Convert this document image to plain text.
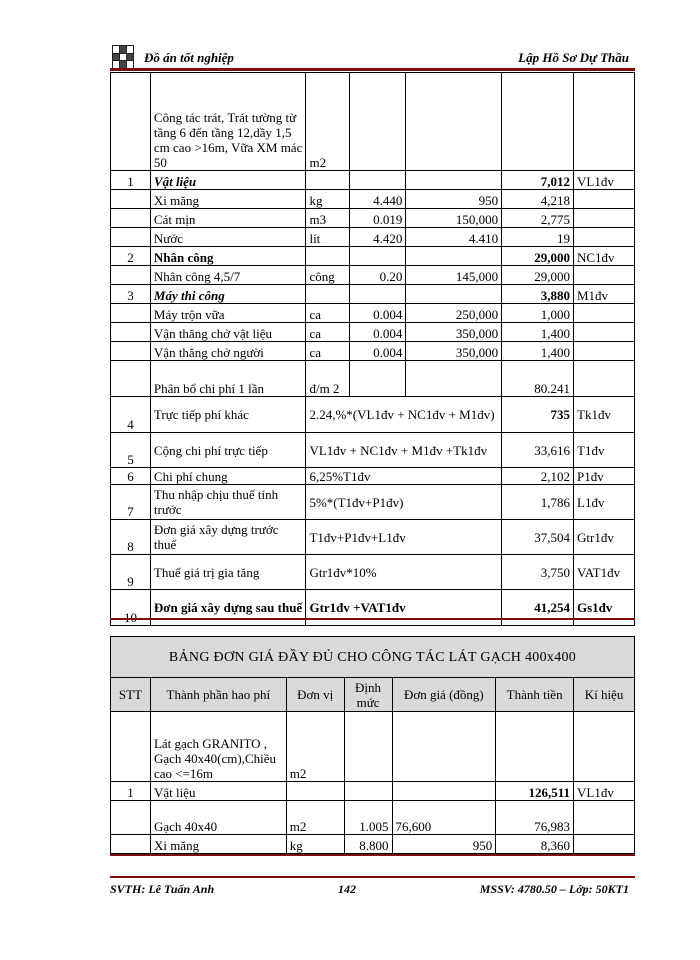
Đồ án tốt nghiệp	Lập Hồ Sơ Dự Thầu
	Công tác trát, Trát tường từ tầng 6 đến tầng 12,dầy 1,5 cm cao >16m, Vữa XM mác 50	m2				
1	Vật liệu				7,012	VL1đv
	Xi măng	kg	4.440	950	4,218	
	Cát mịn	m3	0.019	150,000	2,775	
	Nước	lít	4.420	4.410	19	
2	Nhân công				29,000	NC1đv
	Nhân công 4,5/7	công	0.20	145,000	29,000	
3	Máy thi công				3,880	M1đv
	Máy trộn vữa	ca	0.004	250,000	1,000	
	Vận thăng chở vật liệu	ca	0.004	350,000	1,400	
	Vận thăng chở người	ca	0.004	350,000	1,400	
	Phân bổ chi phí 1 lần	đ/m 2			80.241	
4	Trực tiếp phí khác	2.24,%*(VL1đv + NC1đv + M1đv)			735	Tk1đv
5	Cộng chi phí trực tiếp	VL1đv + NC1đv + M1đv +Tk1đv			33,616	T1đv
6	Chi phí chung	6,25%T1đv			2,102	P1đv
7	Thu nhập chịu thuế tính trước	5%*(T1đv+P1đv)			1,786	L1đv
8	Đơn giá xây dựng trước thuế	T1đv+P1đv+L1đv			37,504	Gtr1đv
9	Thuế giá trị gia tăng	Gtr1đv*10%			3,750	VAT1đv
	Đơn giá xây dựng sau thuế	Gtr1đv +VAT1đv			41,254	Gs1đv
BẢNG ĐƠN GIÁ ĐẦY ĐỦ CHO CÔNG TÁC LÁT GẠCH 400x400						
STT	Thành phần hao phí	Đơn vị	Định mức	Đơn giá (đồng)	Thành tiền	Kí hiệu
	Lát gạch GRANITO , Gạch 40x40(cm),Chiều cao <=16m	m2				
1	Vật liệu				126,511	VL1đv
	Gạch 40x40	m2	1.005	76,600	76,983	
	Xi măng	kg	8.800	950	8,360	
SVTH: Lê Tuấn Anh	142	MSSV: 4780.50 – Lớp: 50KT1
